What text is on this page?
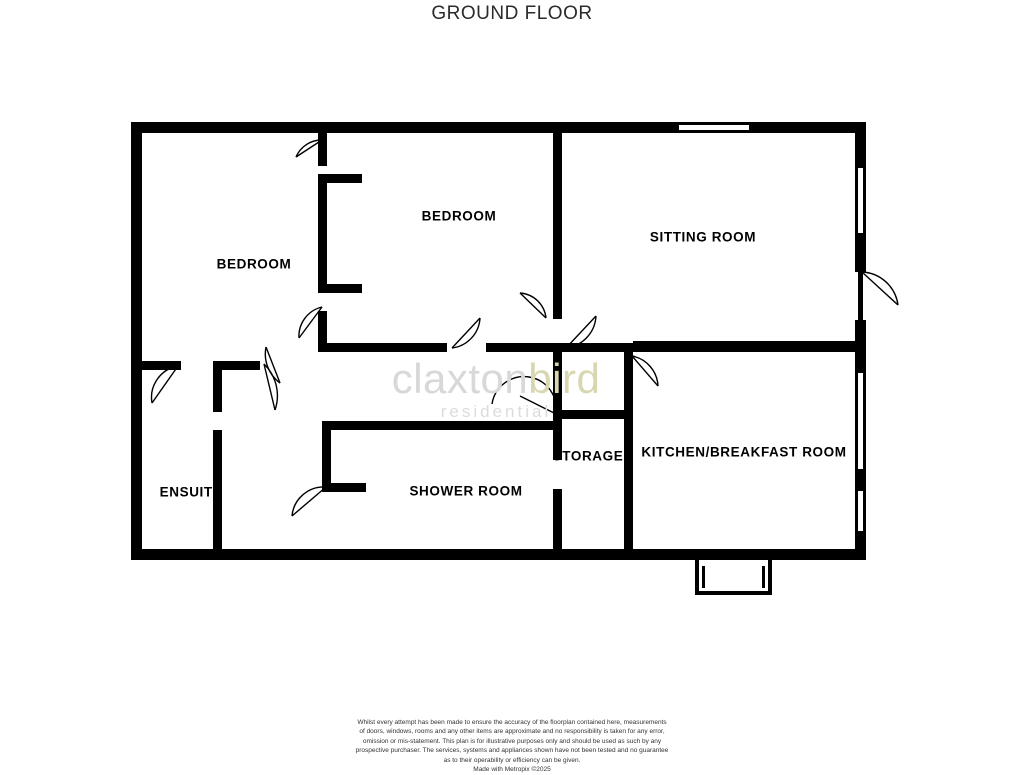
GROUND FLOOR
BEDROOM
BEDROOM
SITTING ROOM
ENSUITE	SHOWER ROOM
STORAGE KITCHEN/BREAKFAST ROOM
claxtonbird
residential
Whilst every attempt has been made to ensure the accuracy of the floorplan contained here, measurements
of doors, windows, rooms and any other items are approximate and no responsibility is taken for any error,
omission or mis-statement. This plan is for illustrative purposes only and should be used as such by any
prospective purchaser. The services, systems and appliances shown have not been tested and no guarantee
as to their operability or efficiency can be given.
Made with Metropix ©2025
